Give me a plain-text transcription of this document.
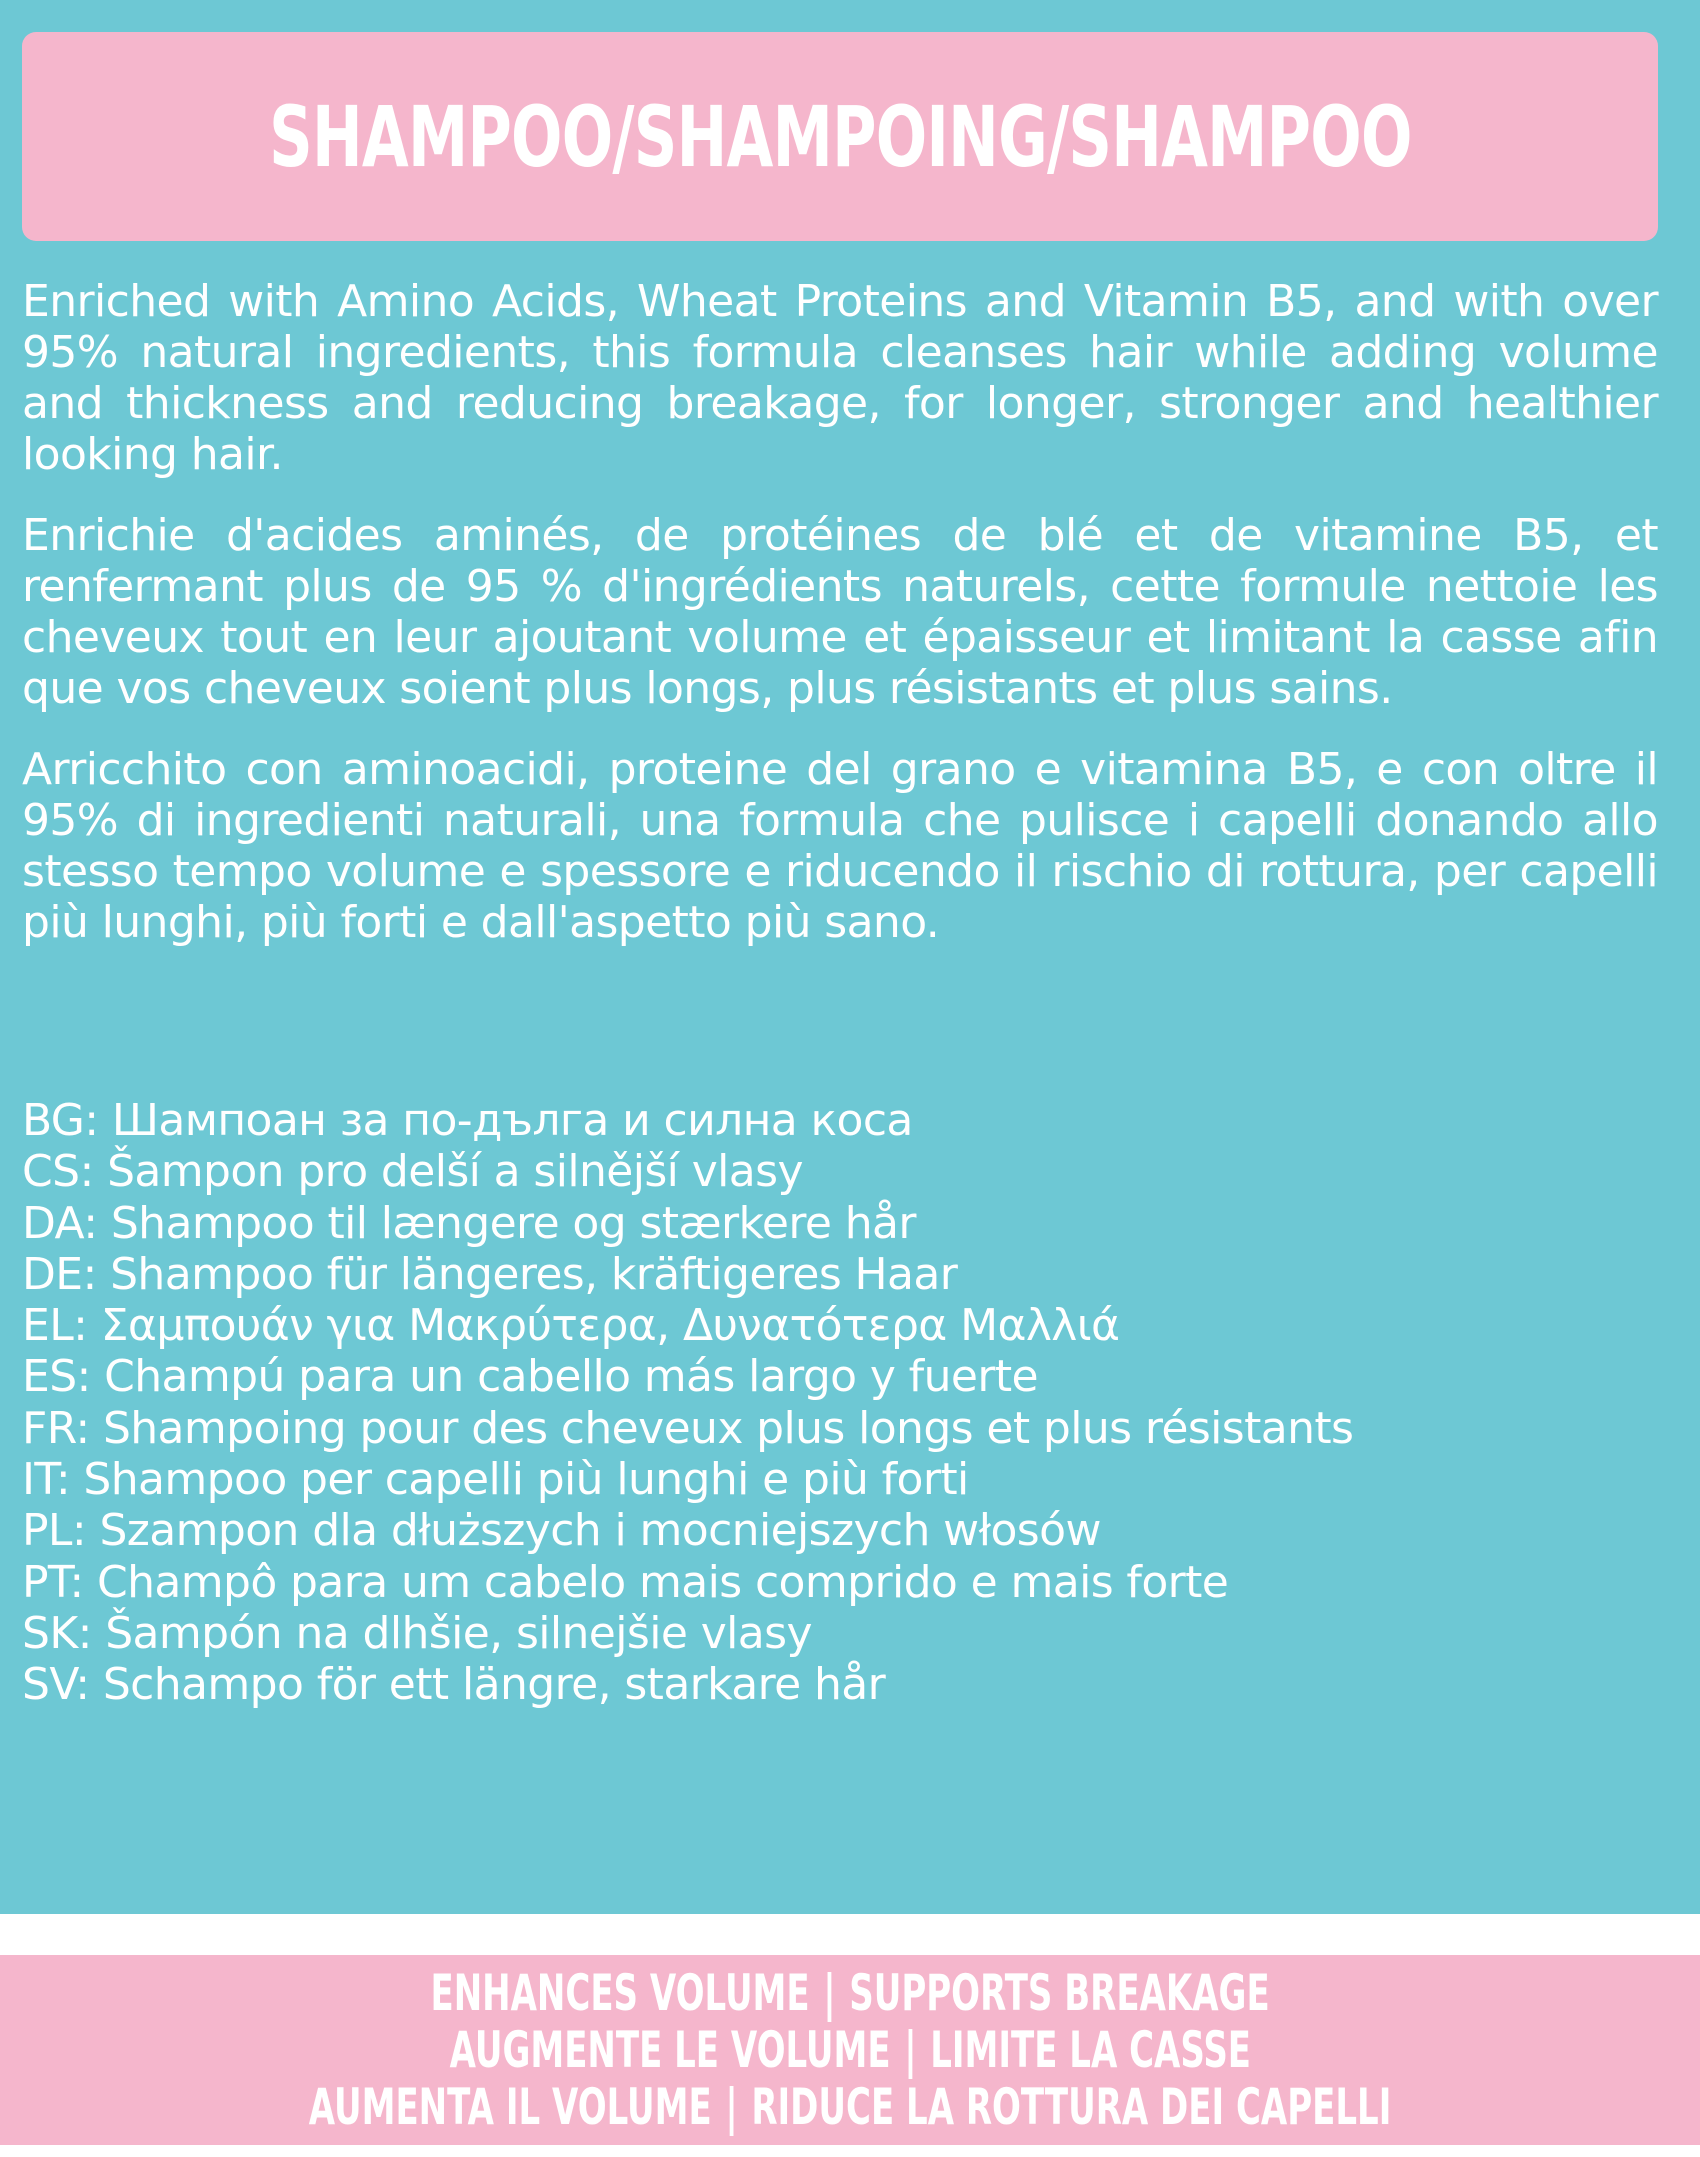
SHAMPOO/SHAMPOING/SHAMPOO

Enriched with Amino Acids, Wheat Proteins and Vitamin B5, and with over 95% natural ingredients, this formula cleanses hair while adding volume and thickness and reducing breakage, for longer, stronger and healthier looking hair.

Enrichie d'acides aminés, de protéines de blé et de vitamine B5, et renfermant plus de 95 % d'ingrédients naturels, cette formule nettoie les cheveux tout en leur ajoutant volume et épaisseur et limitant la casse afin que vos cheveux soient plus longs, plus résistants et plus sains.

Arricchito con aminoacidi, proteine del grano e vitamina B5, e con oltre il 95% di ingredienti naturali, una formula che pulisce i capelli donando allo stesso tempo volume e spessore e riducendo il rischio di rottura, per capelli più lunghi, più forti e dall'aspetto più sano.

BG: Шампоан за по-дълга и силна коса
CS: Šampon pro delší a silnější vlasy
DA: Shampoo til længere og stærkere hår
DE: Shampoo für längeres, kräftigeres Haar
EL: Σαμπουάν για Μακρύτερα, Δυνατότερα Μαλλιά
ES: Champú para un cabello más largo y fuerte
FR: Shampoing pour des cheveux plus longs et plus résistants
IT: Shampoo per capelli più lunghi e più forti
PL: Szampon dla dłuższych i mocniejszych włosów
PT: Champô para um cabelo mais comprido e mais forte
SK: Šampón na dlhšie, silnejšie vlasy
SV: Schampo för ett längre, starkare hår
ENHANCES VOLUME | SUPPORTS BREAKAGE
AUGMENTE LE VOLUME | LIMITE LA CASSE
AUMENTA IL VOLUME | RIDUCE LA ROTTURA DEI CAPELLI
